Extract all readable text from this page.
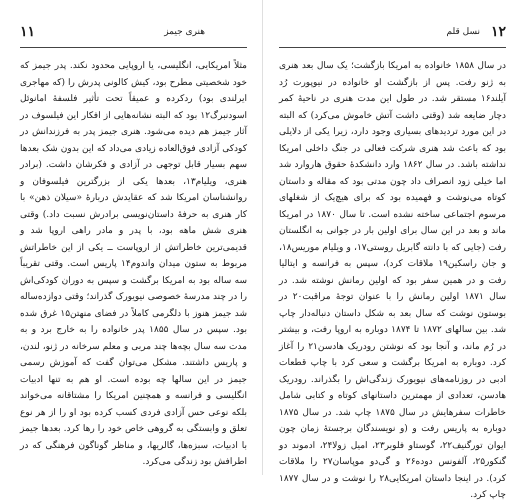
۱۱	هنری جیمز

مثلاً امریکایی، انگلیسی، یا اروپایی محدود نکند. پدر جیمز که خود شخصیتی مطرح بود، کیش کالونی پدرش را (که مهاجری ایرلندی بود) ردکرده و عمیقاً تحت تأثیر فلسفهٔ امانوئل اسودنبرگ۱۲ بود که البته نشانه‌هایی از افکار این فیلسوف در آثار جیمز هم دیده می‌شود. هنری جیمز پدر به فرزندانش در کودکی آزادی فوق‌العاده زیادی می‌داد که این بدون شک بعدها سهم بسیار قابل توجهی در آزادی و فکرشان داشت. (برادر هنری، ویلیام۱۳، بعدها یکی از بزرگترین فیلسوفان و روانشناسان امریکا شد که عقایدش دربارهٔ «سیلان ذهن» با کار هنری به حرفهٔ داستان‌نویسی برادرش نسبت داد.) وقتی هنری شش ماهه بود، با پدر و مادر راهی اروپا شد و قدیمی‌ترین خاطراتش از اروپاست ــ یکی از این خاطراتش مربوط به ستون میدان واندوم۱۴ پاریس است. وقتی تقریباً سه ساله بود به امریکا برگشت و سپس به دوران کودکی‌اش را در چند مدرسهٔ خصوصی نیویورک گذراند؛ وقتی دوازده‌ساله شد جیمز هنوز با دلگرمی کاملاً در فضای منهتن۱۵ غرق شده بود. سپس در سال ۱۸۵۵ پدر خانواده را به خارج برد و به مدت سه سال بچه‌ها چند مربی و معلم سرخانه در ژنو، لندن، و پاریس داشتند. مشکل می‌توان گفت که آموزش رسمی جیمز در این سالها چه بوده است. او هم به تنها ادبیات انگلیسی و فرانسه و همچنین امریکا را مشتاقانه می‌خواند بلکه نوعی حس آزادی فردی کسب کرده بود او را از هر نوع تعلق و وابستگی به گروهی خاص خود را رها کرد. بعدها جیمز با ادبیات، سبزه‌ها، گالریها، و مناظر گوناگون فرهنگی که در اطرافش بود زندگی می‌کرد.

۱۲
نسل قلم

در سال ۱۸۵۸ خانواده به امریکا بازگشت؛ یک سال بعد هنری به ژنو رفت. پس از بازگشت او خانواده در نیوپورت رُد آیلند۱۶ مستقر شد. در طول این مدت هنری در ناحیهٔ کمر دچار ضایعه شد (وقتی داشت آتش خاموش می‌کرد) که البته در این مورد تردیدهای بسیاری وجود دارد، زیرا یکی از دلایلی بود که باعث شد هنری شرکت فعالی در جنگ داخلی امریکا نداشته باشد. در سال ۱۸۶۲ وارد دانشکدهٔ حقوق هاروارد شد اما خیلی زود انصراف داد چون مدتی بود که مقاله و داستان کوتاه می‌نوشت و فهمیده بود که برای هیچ‌یک از شغلهای مرسوم اجتماعی ساخته نشده است. تا سال ۱۸۷۰ در امریکا ماند و بعد در این سال برای اولین بار در جوانی به انگلستان رفت (جایی که با دانته گابریل روستی۱۷، و ویلیام موریس۱۸، و جان راسکین۱۹ ملاقات کرد)، سپس به فرانسه و ایتالیا رفت و در همین سفر بود که اولین رمانش نوشته شد. در سال ۱۸۷۱ اولین رمانش را با عنوان توجهٔ مراقبت۲۰ در بوستون نوشت که سال بعد به شکل داستان دنباله‌دار چاپ شد. بین سالهای ۱۸۷۲ تا ۱۸۷۴ دوباره به اروپا رفت، و بیشتر در رُم ماند، و آنجا بود که نوشتن رودریک هادسن۲۱ را آغاز کرد. دوباره به امریکا برگشت و سعی کرد با چاپ قطعات ادبی در روزنامه‌های نیویورک زندگی‌اش را بگذراند. رودریک هادسن، تعدادی از مهمترین داستانهای کوتاه و کتابی شامل خاطرات سفرهایش در سال ۱۸۷۵ چاپ شد. در سال ۱۸۷۵ دوباره به پاریس رفت و (و نویسندگان برجستهٔ زمان چون ایوان تورگنیف۲۲، گوستاو فلوبر۲۳، امیل زولا۲۴، ادموند دو گنکور۲۵، آلفونس دوده۲۶ و گی‌دو موپاسان۲۷ را ملاقات کرد). در اینجا داستان امریکایی۲۸ را نوشت و در سال ۱۸۷۷ چاپ کرد.
